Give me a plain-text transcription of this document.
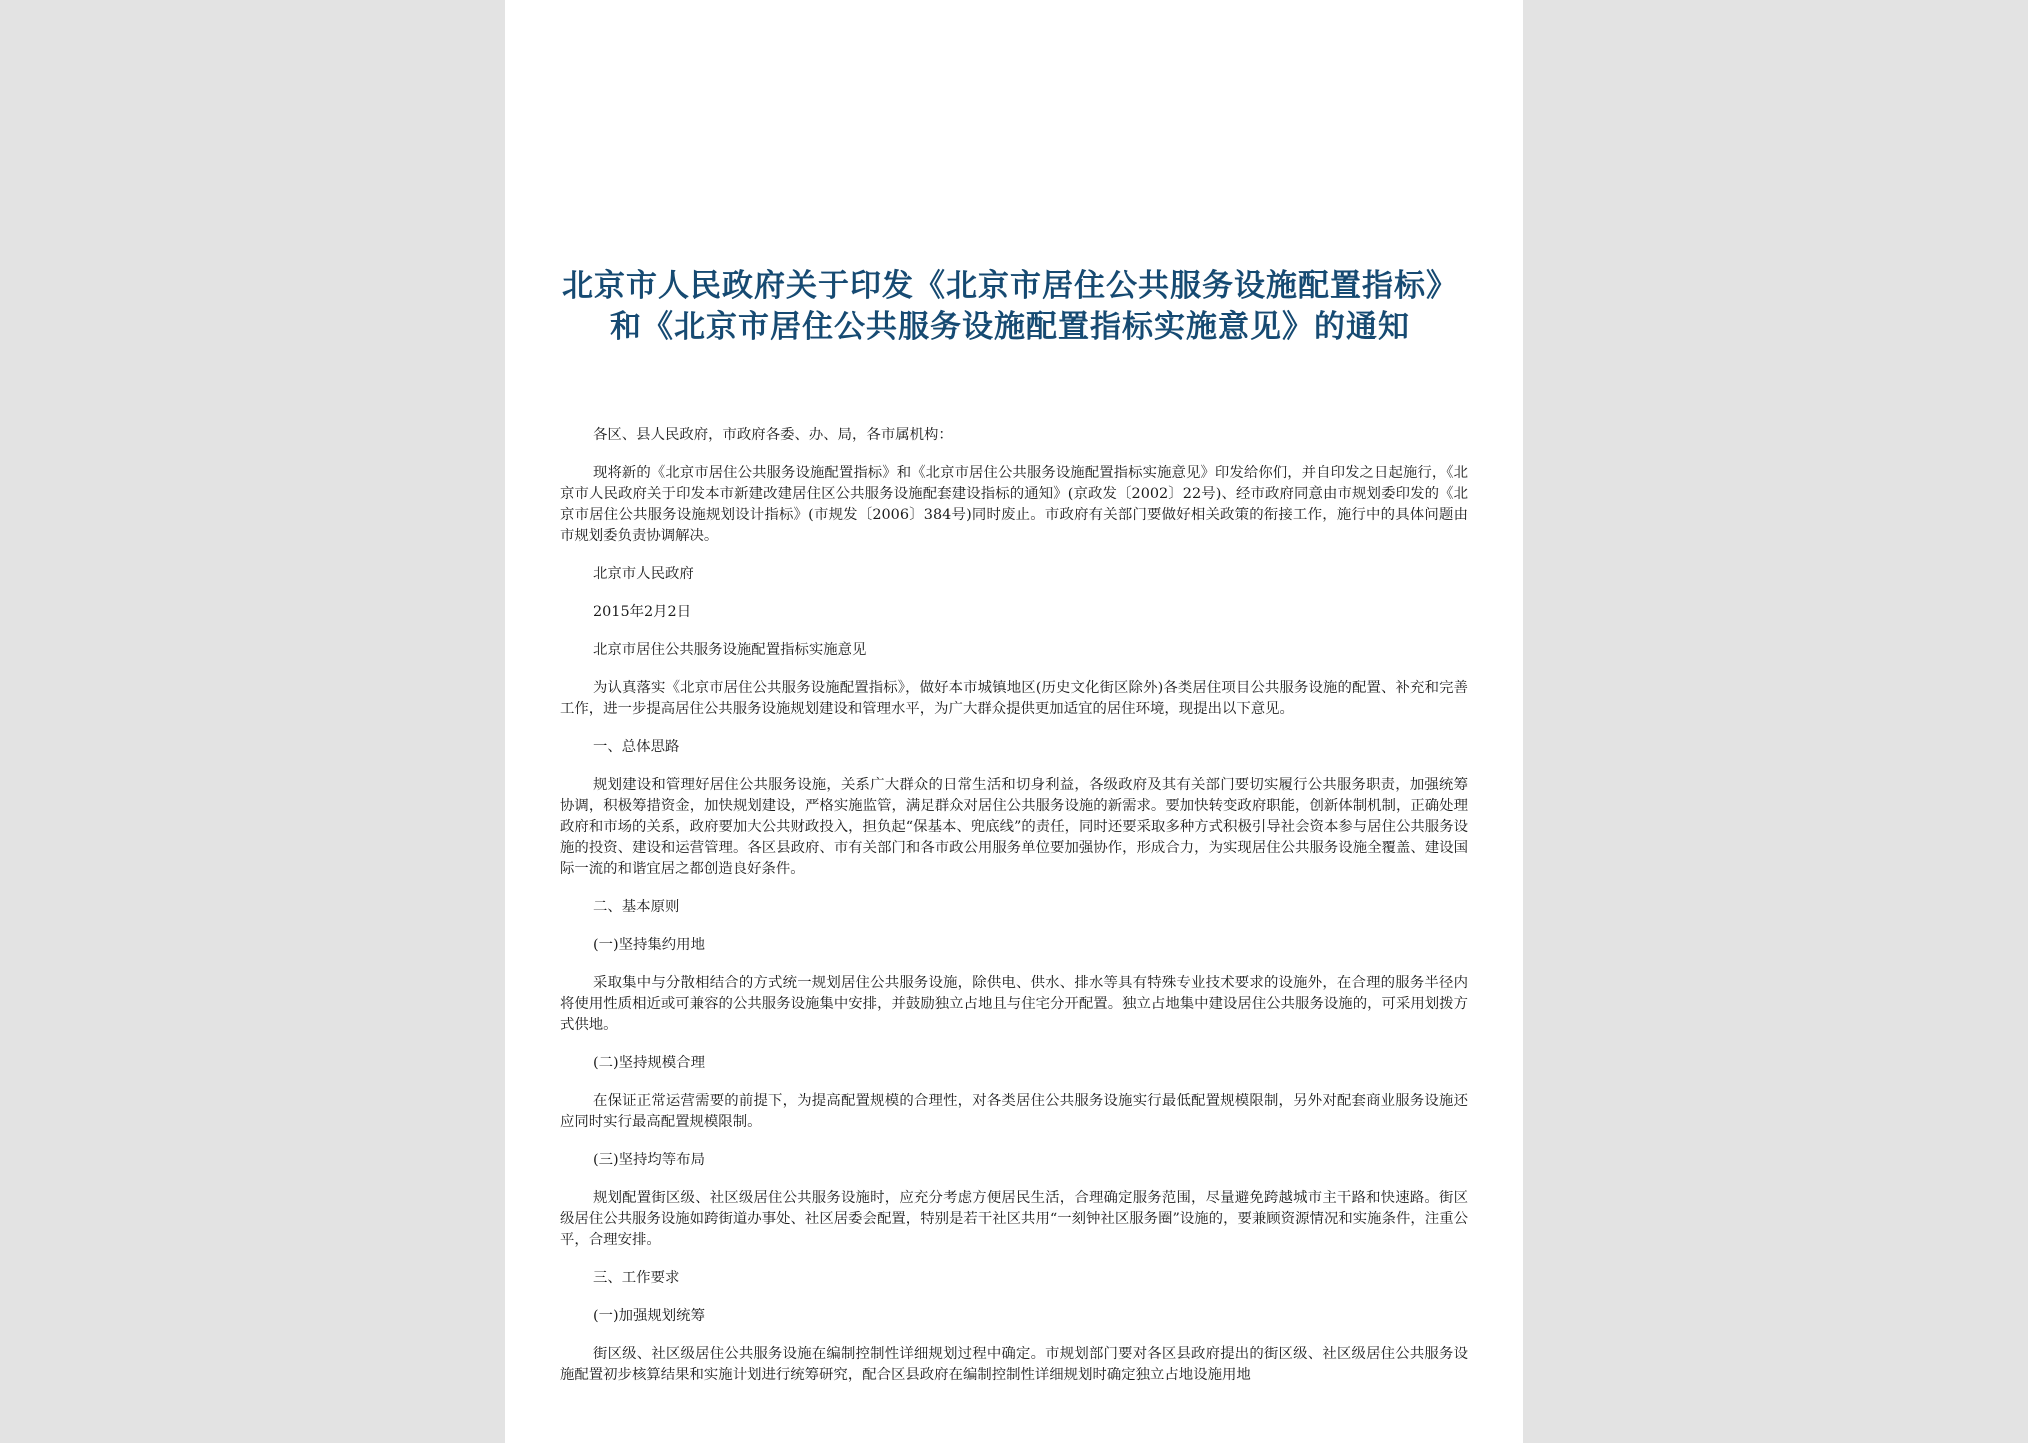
北京市人民政府关于印发《北京市居住公共服务设施配置指标》和《北京市居住公共服务设施配置指标实施意见》的通知

各区、县人民政府，市政府各委、办、局，各市属机构：

现将新的《北京市居住公共服务设施配置指标》和《北京市居住公共服务设施配置指标实施意见》印发给你们，并自印发之日起施行，《北京市人民政府关于印发本市新建改建居住区公共服务设施配套建设指标的通知》(京政发〔2002〕22号)、经市政府同意由市规划委印发的《北京市居住公共服务设施规划设计指标》(市规发〔2006〕384号)同时废止。市政府有关部门要做好相关政策的衔接工作，施行中的具体问题由市规划委负责协调解决。

北京市人民政府

2015年2月2日

北京市居住公共服务设施配置指标实施意见

为认真落实《北京市居住公共服务设施配置指标》，做好本市城镇地区(历史文化街区除外)各类居住项目公共服务设施的配置、补充和完善工作，进一步提高居住公共服务设施规划建设和管理水平，为广大群众提供更加适宜的居住环境，现提出以下意见。

一、总体思路

规划建设和管理好居住公共服务设施，关系广大群众的日常生活和切身利益，各级政府及其有关部门要切实履行公共服务职责，加强统筹协调，积极筹措资金，加快规划建设，严格实施监管，满足群众对居住公共服务设施的新需求。要加快转变政府职能，创新体制机制，正确处理政府和市场的关系，政府要加大公共财政投入，担负起“保基本、兜底线”的责任，同时还要采取多种方式积极引导社会资本参与居住公共服务设施的投资、建设和运营管理。各区县政府、市有关部门和各市政公用服务单位要加强协作，形成合力，为实现居住公共服务设施全覆盖、建设国际一流的和谐宜居之都创造良好条件。

二、基本原则

(一)坚持集约用地

采取集中与分散相结合的方式统一规划居住公共服务设施，除供电、供水、排水等具有特殊专业技术要求的设施外，在合理的服务半径内将使用性质相近或可兼容的公共服务设施集中安排，并鼓励独立占地且与住宅分开配置。独立占地集中建设居住公共服务设施的，可采用划拨方式供地。

(二)坚持规模合理

在保证正常运营需要的前提下，为提高配置规模的合理性，对各类居住公共服务设施实行最低配置规模限制，另外对配套商业服务设施还应同时实行最高配置规模限制。

(三)坚持均等布局

规划配置街区级、社区级居住公共服务设施时，应充分考虑方便居民生活，合理确定服务范围，尽量避免跨越城市主干路和快速路。街区级居住公共服务设施如跨街道办事处、社区居委会配置，特别是若干社区共用“一刻钟社区服务圈”设施的，要兼顾资源情况和实施条件，注重公平，合理安排。

三、工作要求

(一)加强规划统筹

街区级、社区级居住公共服务设施在编制控制性详细规划过程中确定。市规划部门要对各区县政府提出的街区级、社区级居住公共服务设施配置初步核算结果和实施计划进行统筹研究，配合区县政府在编制控制性详细规划时确定独立占地设施用地
